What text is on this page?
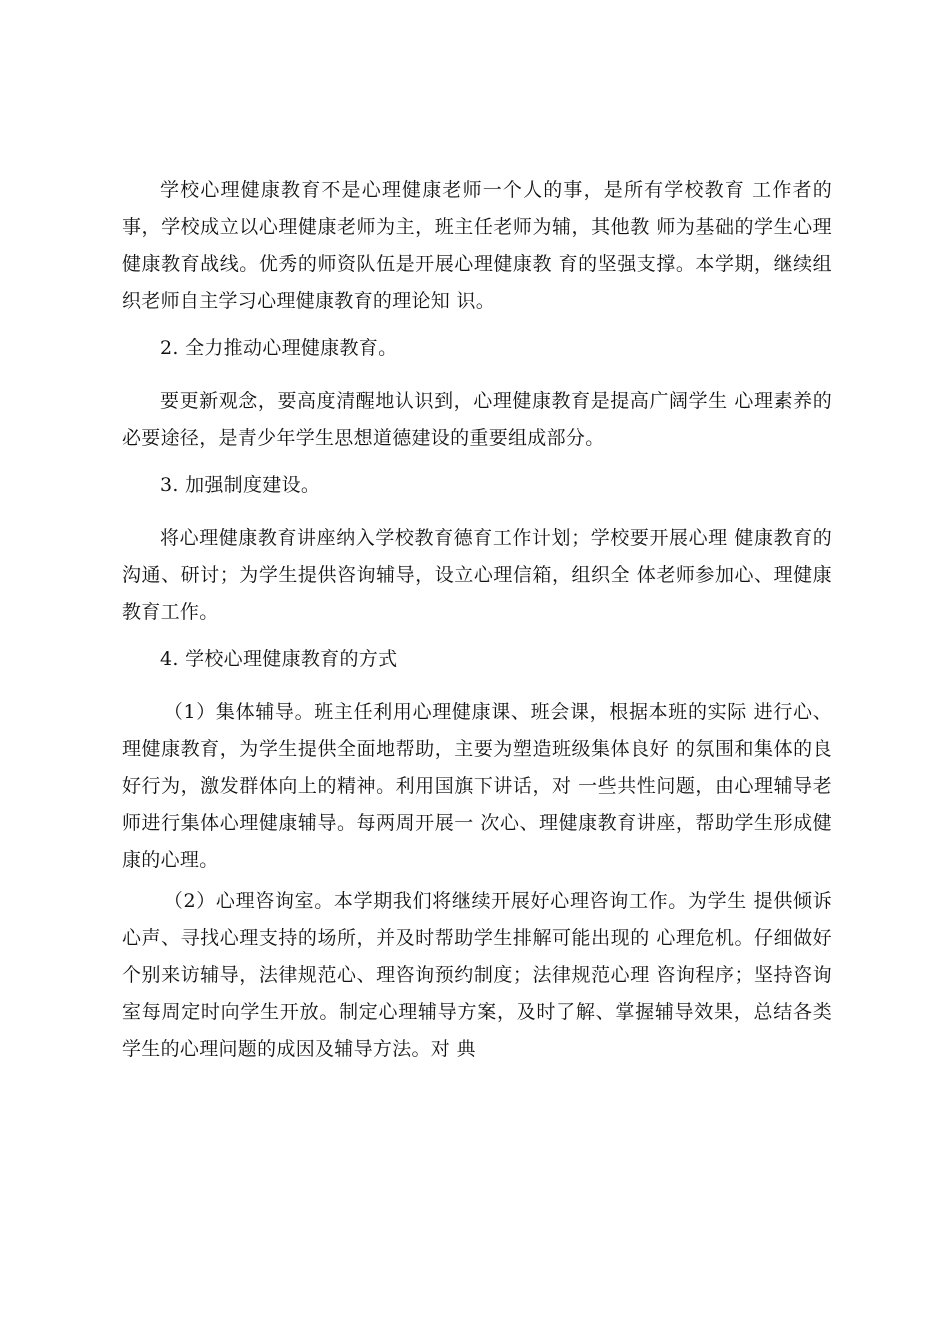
学校心理健康教育不是心理健康老师一个人的事，是所有学校教育 工作者的事，学校成立以心理健康老师为主，班主任老师为辅，其他教 师为基础的学生心理健康教育战线。优秀的师资队伍是开展心理健康教 育的坚强支撑。本学期，继续组织老师自主学习心理健康教育的理论知 识。

2. 全力推动心理健康教育。

要更新观念，要高度清醒地认识到，心理健康教育是提高广阔学生 心理素养的必要途径，是青少年学生思想道德建设的重要组成部分。

3. 加强制度建设。

将心理健康教育讲座纳入学校教育德育工作计划；学校要开展心理 健康教育的沟通、研讨；为学生提供咨询辅导，设立心理信箱，组织全 体老师参加心、理健康教育工作。

4. 学校心理健康教育的方式

（1）集体辅导。班主任利用心理健康课、班会课，根据本班的实际 进行心、理健康教育，为学生提供全面地帮助，主要为塑造班级集体良好 的氛围和集体的良好行为，激发群体向上的精神。利用国旗下讲话，对 一些共性问题，由心理辅导老师进行集体心理健康辅导。每两周开展一 次心、理健康教育讲座，帮助学生形成健康的心理。

（2）心理咨询室。本学期我们将继续开展好心理咨询工作。为学生 提供倾诉心声、寻找心理支持的场所，并及时帮助学生排解可能出现的 心理危机。仔细做好个别来访辅导，法律规范心、理咨询预约制度；法律规范心理 咨询程序；坚持咨询室每周定时向学生开放。制定心理辅导方案，及时了解、掌握辅导效果，总结各类学生的心理问题的成因及辅导方法。对 典
